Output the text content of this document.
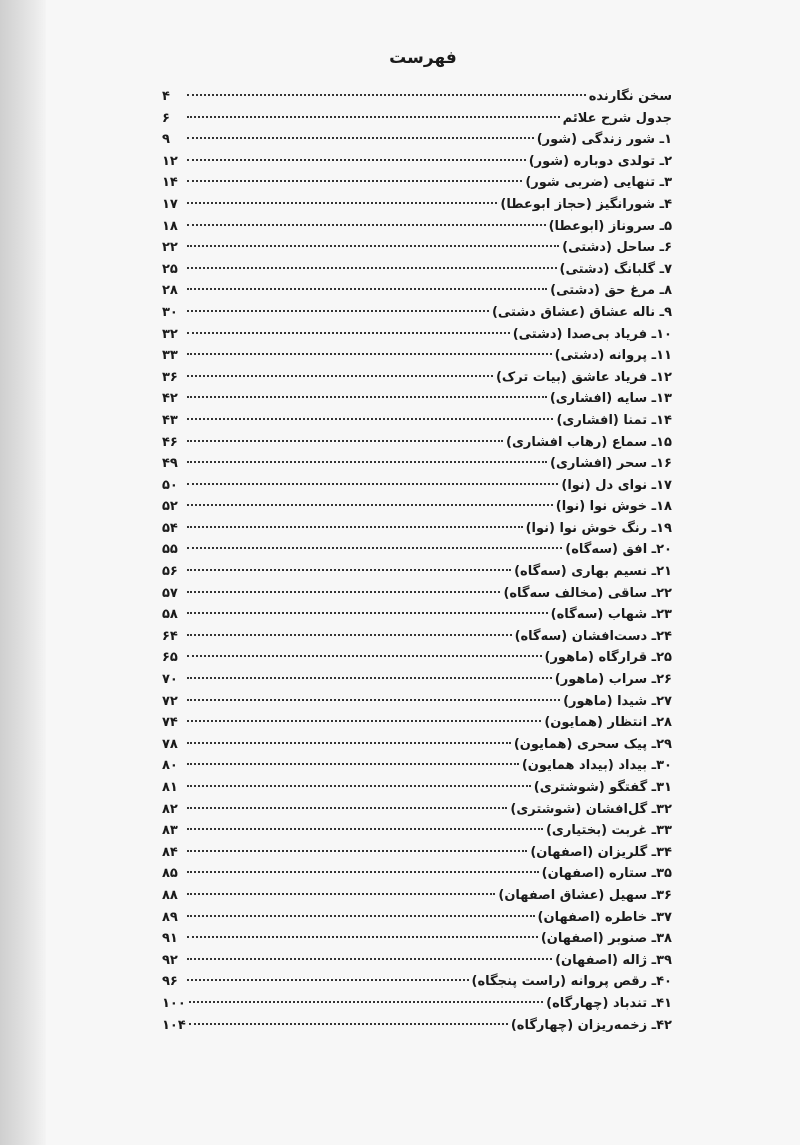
فهرست
سخن نگارنده
۴
جدول شرح علائم
۶
۱ـ شور زندگی (شور)
۹
۲ـ تولدی دوباره (شور)
۱۲
۳ـ تنهایی (ضربی شور)
۱۴
۴ـ شورانگیز (حجاز ابوعطا)
۱۷
۵ـ سروناز (ابوعطا)
۱۸
۶ـ ساحل (دشتی)
۲۲
۷ـ گلبانگ (دشتی)
۲۵
۸ـ مرغ حق (دشتی)
۲۸
۹ـ ناله عشاق (عشاق دشتی)
۳۰
۱۰ـ فریاد بی‌صدا (دشتی)
۳۲
۱۱ـ پروانه (دشتی)
۳۳
۱۲ـ فریاد عاشق (بیات ترک)
۳۶
۱۳ـ سایه (افشاری)
۴۲
۱۴ـ تمنا (افشاری)
۴۳
۱۵ـ سماع (رهاب افشاری)
۴۶
۱۶ـ سحر (افشاری)
۴۹
۱۷ـ نوای دل (نوا)
۵۰
۱۸ـ خوش نوا (نوا)
۵۲
۱۹ـ رنگ خوش نوا (نوا)
۵۴
۲۰ـ افق (سه‌گاه)
۵۵
۲۱ـ نسیم بهاری (سه‌گاه)
۵۶
۲۲ـ ساقی (مخالف سه‌گاه)
۵۷
۲۳ـ شهاب (سه‌گاه)
۵۸
۲۴ـ دست‌افشان (سه‌گاه)
۶۴
۲۵ـ قرارگاه (ماهور)
۶۵
۲۶ـ سراب (ماهور)
۷۰
۲۷ـ شیدا (ماهور)
۷۲
۲۸ـ انتظار (همایون)
۷۴
۲۹ـ پیک سحری (همایون)
۷۸
۳۰ـ بیداد (بیداد همایون)
۸۰
۳۱ـ گفتگو (شوشتری)
۸۱
۳۲ـ گل‌افشان (شوشتری)
۸۲
۳۳ـ غربت (بختیاری)
۸۳
۳۴ـ گلریزان (اصفهان)
۸۴
۳۵ـ ستاره (اصفهان)
۸۵
۳۶ـ سهیل (عشاق اصفهان)
۸۸
۳۷ـ خاطره (اصفهان)
۸۹
۳۸ـ صنوبر (اصفهان)
۹۱
۳۹ـ ژاله (اصفهان)
۹۲
۴۰ـ رقص پروانه (راست پنجگاه)
۹۶
۴۱ـ تندباد (چهارگاه)
۱۰۰
۴۲ـ زخمه‌ریزان (چهارگاه)
۱۰۴
